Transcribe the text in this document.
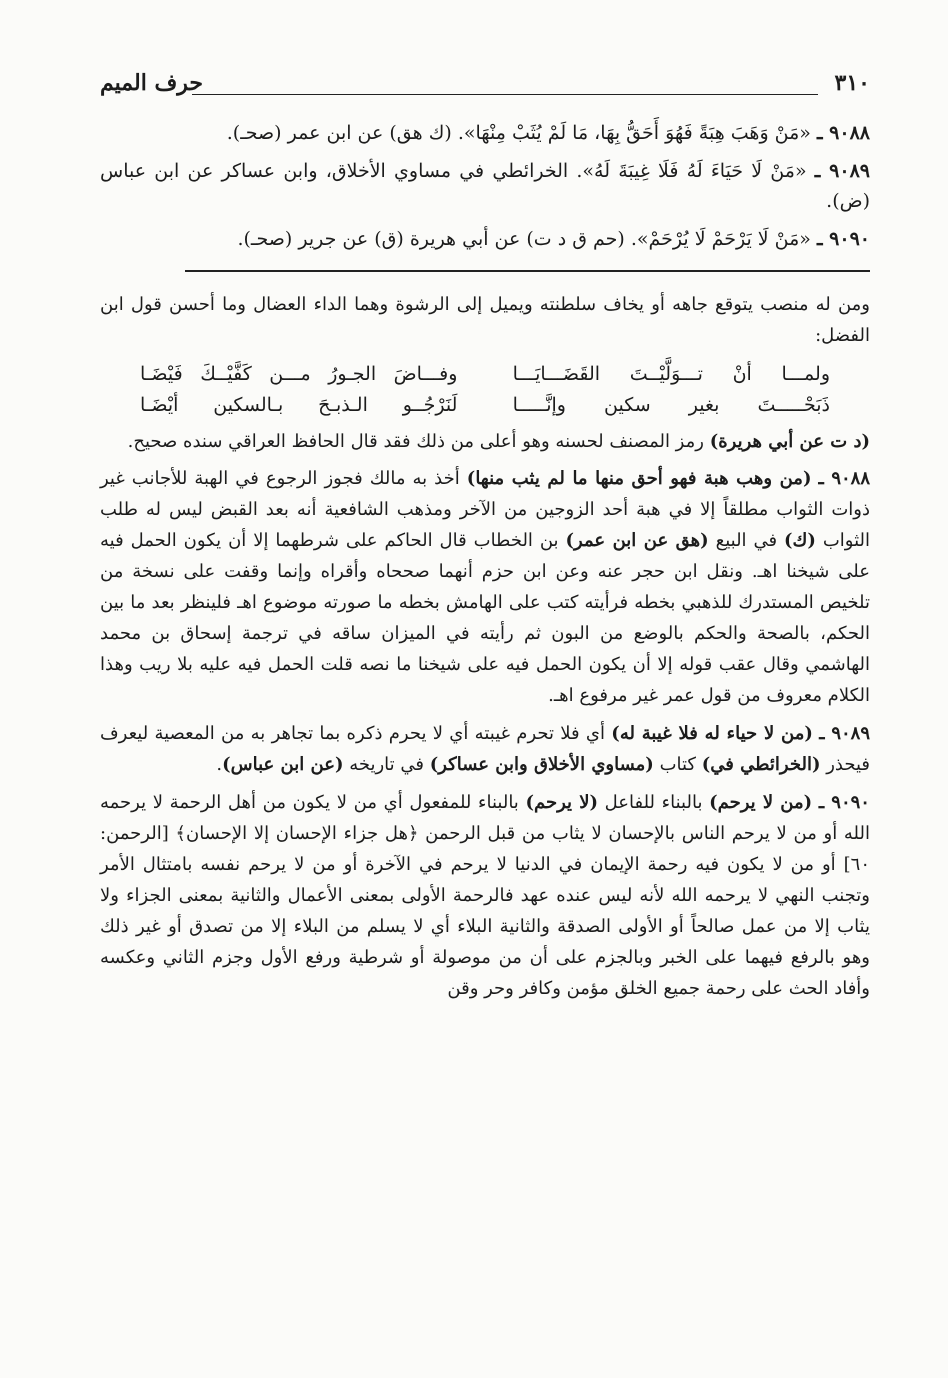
٣١٠
حرف الميم

٩٠٨٨ ـ «مَنْ وَهَبَ هِبَةً فَهُوَ أَحَقُّ بِهَا، مَا لَمْ يُثَبْ مِنْهَا». (ك هق) عن ابن عمر (صحـ).

٩٠٨٩ ـ «مَنْ لَا حَيَاءَ لَهُ فَلَا غِيبَةَ لَهُ». الخرائطي في مساوي الأخلاق، وابن عساكر عن ابن عباس (ض).

٩٠٩٠ ـ «مَنْ لَا يَرْحَمْ لَا يُرْحَمْ». (حم ق د ت) عن أبي هريرة (ق) عن جرير (صحـ).

ومن له منصب يتوقع جاهه أو يخاف سلطنته ويميل إلى الرشوة وهما الداء العضال وما أحسن قول ابن الفضل:

ولمـــا أنْ تـــوَلَّيْــتَ القَضَـــايَـــا
وفـــاضَ الجـورُ مـــن كَفَّيْــكَ فَيْضَـا
ذَبَحْـــــتَ بغير سكين وإنَّـــــا
لَنَرْجُــو الـذبـحَ بـالسكين أيْضَـا

(د ت عن أبي هريرة) رمز المصنف لحسنه وهو أعلى من ذلك فقد قال الحافظ العراقي سنده صحيح.

٩٠٨٨ ـ (من وهب هبة فهو أحق منها ما لم يثب منها) أخذ به مالك فجوز الرجوع في الهبة للأجانب غير ذوات الثواب مطلقاً إلا في هبة أحد الزوجين من الآخر ومذهب الشافعية أنه بعد القبض ليس له طلب الثواب (ك) في البيع (هق عن ابن عمر) بن الخطاب قال الحاكم على شرطهما إلا أن يكون الحمل فيه على شيخنا اهـ. ونقل ابن حجر عنه وعن ابن حزم أنهما صححاه وأقراه وإنما وقفت على نسخة من تلخيص المستدرك للذهبي بخطه فرأيته كتب على الهامش بخطه ما صورته موضوع اهـ فلينظر بعد ما بين الحكم، بالصحة والحكم بالوضع من البون ثم رأيته في الميزان ساقه في ترجمة إسحاق بن محمد الهاشمي وقال عقب قوله إلا أن يكون الحمل فيه على شيخنا ما نصه قلت الحمل فيه عليه بلا ريب وهذا الكلام معروف من قول عمر غير مرفوع اهـ.

٩٠٨٩ ـ (من لا حياء له فلا غيبة له) أي فلا تحرم غيبته أي لا يحرم ذكره بما تجاهر به من المعصية ليعرف فيحذر (الخرائطي في) كتاب (مساوي الأخلاق وابن عساكر) في تاريخه (عن ابن عباس).

٩٠٩٠ ـ (من لا يرحم) بالبناء للفاعل (لا يرحم) بالبناء للمفعول أي من لا يكون من أهل الرحمة لا يرحمه الله أو من لا يرحم الناس بالإحسان لا يثاب من قبل الرحمن ﴿هل جزاء الإحسان إلا الإحسان﴾ [الرحمن: ٦٠] أو من لا يكون فيه رحمة الإيمان في الدنيا لا يرحم في الآخرة أو من لا يرحم نفسه بامتثال الأمر وتجنب النهي لا يرحمه الله لأنه ليس عنده عهد فالرحمة الأولى بمعنى الأعمال والثانية بمعنى الجزاء ولا يثاب إلا من عمل صالحاً أو الأولى الصدقة والثانية البلاء أي لا يسلم من البلاء إلا من تصدق أو غير ذلك وهو بالرفع فيهما على الخبر وبالجزم على أن من موصولة أو شرطية ورفع الأول وجزم الثاني وعكسه وأفاد الحث على رحمة جميع الخلق مؤمن وكافر وحر وقن
